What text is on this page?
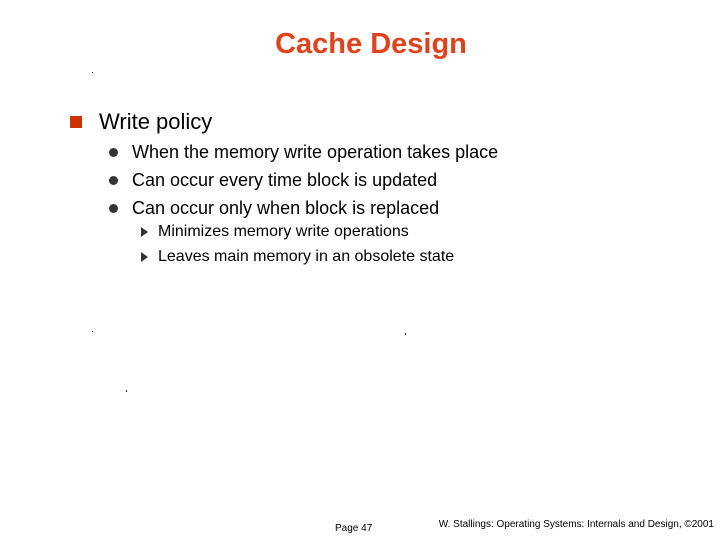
Cache Design
Write policy
When the memory write operation takes place
Can occur every time block is updated
Can occur only when block is replaced
Minimizes memory write operations
Leaves main memory in an obsolete state
Page 47	W. Stallings: Operating Systems: Internals and Design, ©2001
